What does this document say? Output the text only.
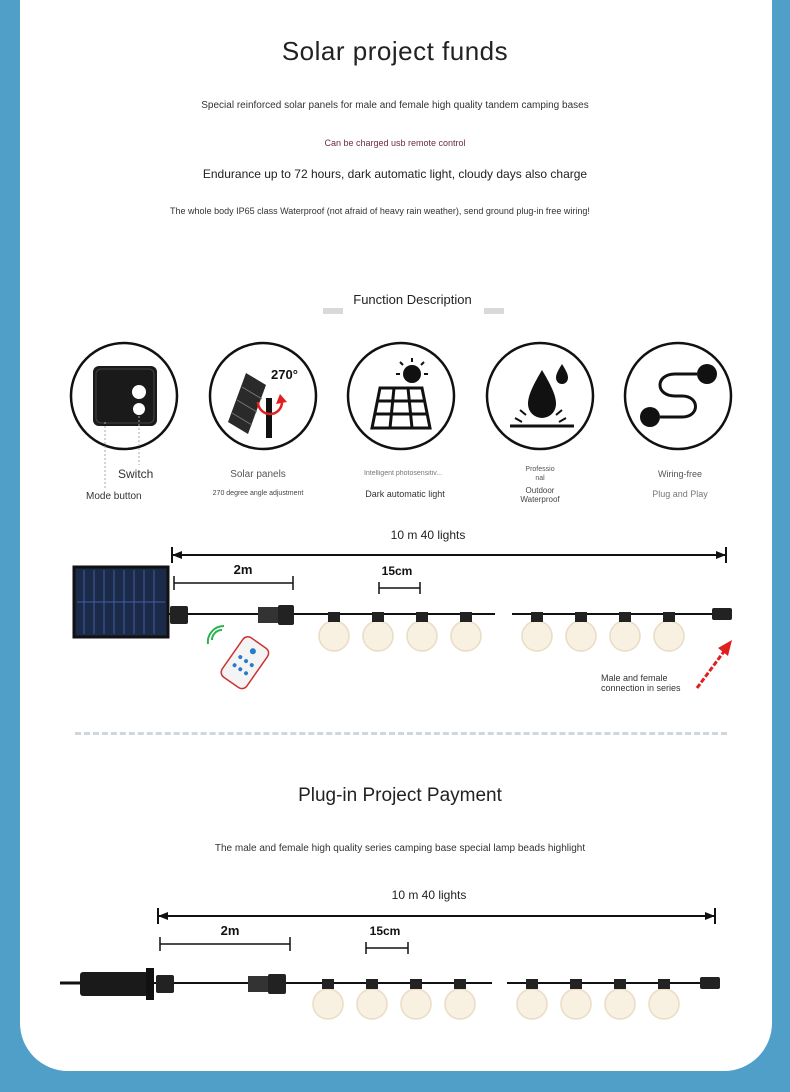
Solar project funds
Special reinforced solar panels for male and female high quality tandem camping bases
Can be charged usb remote control
Endurance up to 72 hours, dark automatic light, cloudy days also charge
The whole body IP65 class Waterproof (not afraid of heavy rain weather), send ground plug-in free wiring!
Function Description
270°
Switch
Mode button
Solar panels
270 degree angle adjustment
Intelligent photosensitiv...
Dark automatic light
Professio nal
Outdoor Waterproof
Wiring-free
Plug and Play
10 m 40 lights
2m	15cm
Male and female connection in series
Plug-in Project Payment
The male and female high quality series camping base special lamp beads highlight
10 m 40 lights
2m	15cm
